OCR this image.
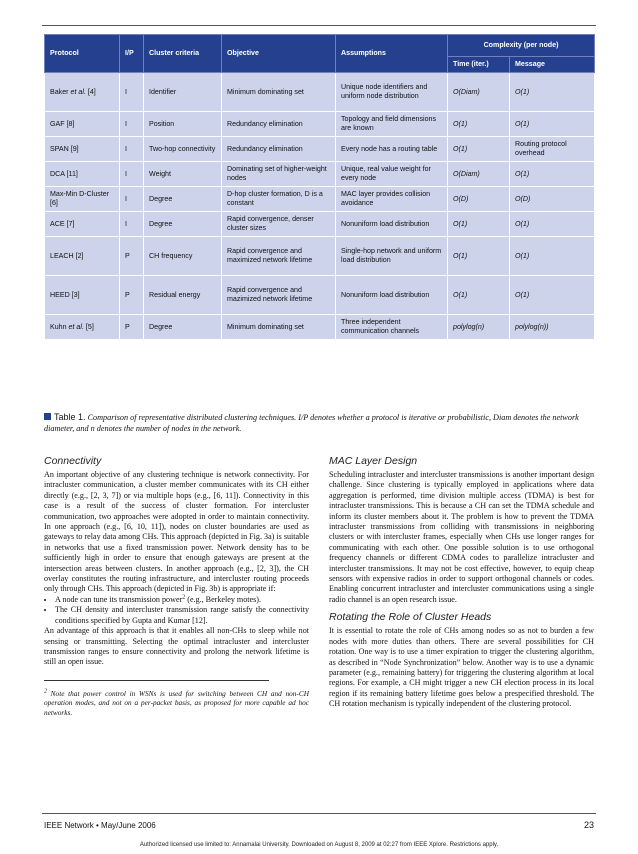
Protocol	I/P	Cluster criteria	Objective	Assumptions	Complexity (per node)	
					Time (iter.)	Message
Baker et al. [4]	I	Identifier	Minimum dominating set	Unique node identifiers and uniform node distribution	O(Diam)	O(1)
GAF [8]	I	Position	Redundancy elimination	Topology and field dimensions are known	O(1)	O(1)
SPAN [9]	I	Two-hop connectivity	Redundancy elimination	Every node has a routing table	O(1)	Routing protocol overhead
DCA [11]	I	Weight	Dominating set of higher-weight nodes	Unique, real value weight for every node	O(Diam)	O(1)
Max-Min D-Cluster [6]	I	Degree	D-hop cluster formation, D is a constant	MAC layer provides collision avoidance	O(D)	O(D)
ACE [7]	I	Degree	Rapid convergence, denser cluster sizes	Nonuniform load distribution	O(1)	O(1)
LEACH [2]	P	CH frequency	Rapid convergence and maximized network lifetime	Single-hop network and uniform load distribution	O(1)	O(1)
HEED [3]	P	Residual energy	Rapid convergence and mazimized network lifetime	Nonuniform load distribution	O(1)	O(1)
Kuhn et al. [5]	P	Degree	Minimum dominating set	Three independent communication channels	polylog(n)	polylog(n))
Table 1. Comparison of representative distributed clustering techniques. I/P denotes whether a protocol is iterative or probabilistic, Diam denotes the network diameter, and n denotes the number of nodes in the network.
Connectivity

An important objective of any clustering technique is network connectivity. For intracluster communication, a cluster member communicates with its CH either directly (e.g., [2, 3, 7]) or via multiple hops (e.g., [6, 11]). Connectivity in this case is a result of the success of cluster formation. For intercluster communication, two approaches were adopted in order to maintain connectivity. In one approach (e.g., [6, 10, 11]), nodes on cluster boundaries are used as gateways to relay data among CHs. This approach (depicted in Fig. 3a) is suitable in networks that use a fixed transmission power. Network density has to be sufficiently high in order to ensure that enough gateways are present at the intersection areas between clusters. In another approach (e.g., [2, 3]), the CH overlay constitutes the routing infrastructure, and intercluster routing proceeds only through CHs. This approach (depicted in Fig. 3b) is appropriate if:

• A node can tune its transmission power$^2$ (e.g., Berkeley motes).
• The CH density and intercluster transmission range satisfy the connectivity conditions specified by Gupta and Kumar [12].

An advantage of this approach is that it enables all non-CHs to sleep while not sensing or transmitting. Selecting the optimal intracluster and intercluster transmission ranges to ensure connectivity and prolong the network lifetime is still an open issue.

$^2$ Note that power control in WSNs is used for switching between CH and non-CH operation modes, and not on a per-packet basis, as proposed for more capable ad hoc networks.

MAC Layer Design

Scheduling intracluster and intercluster transmissions is another important design challenge. Since clustering is typically employed in applications where data aggregation is performed, time division multiple access (TDMA) is best for intracluster transmissions. This is because a CH can set the TDMA schedule and inform its cluster members about it. The problem is how to prevent the TDMA intracluster transmissions from colliding with transmissions in neighboring clusters or with intercluster frames, especially when CHs use longer ranges for communicating with each other. One possible solution is to use orthogonal frequency channels or different CDMA codes to parallelize intracluster and intercluster transmissions. It may not be cost effective, however, to equip cheap sensors with expensive radios in order to support orthogonal channels or codes. Enabling concurrent intracluster and intercluster communications using a single radio channel is an open research issue.

Rotating the Role of Cluster Heads

It is essential to rotate the role of CHs among nodes so as not to burden a few nodes with more duties than others. There are several possibilities for CH rotation. One way is to use a timer expiration to trigger the clustering algorithm, as described in “Node Synchronization” below. Another way is to use a dynamic parameter (e.g., remaining battery) for triggering the clustering algorithm at local regions. For example, a CH might trigger a new CH election process in its local region if its remaining battery lifetime goes below a prespecified threshold. The CH rotation mechanism is typically independent of the clustering protocol.

IEEE Network • May/June 2006	23
Authorized licensed use limited to: Annamalai University. Downloaded on August 8, 2009 at 02:27 from IEEE Xplore. Restrictions apply.
